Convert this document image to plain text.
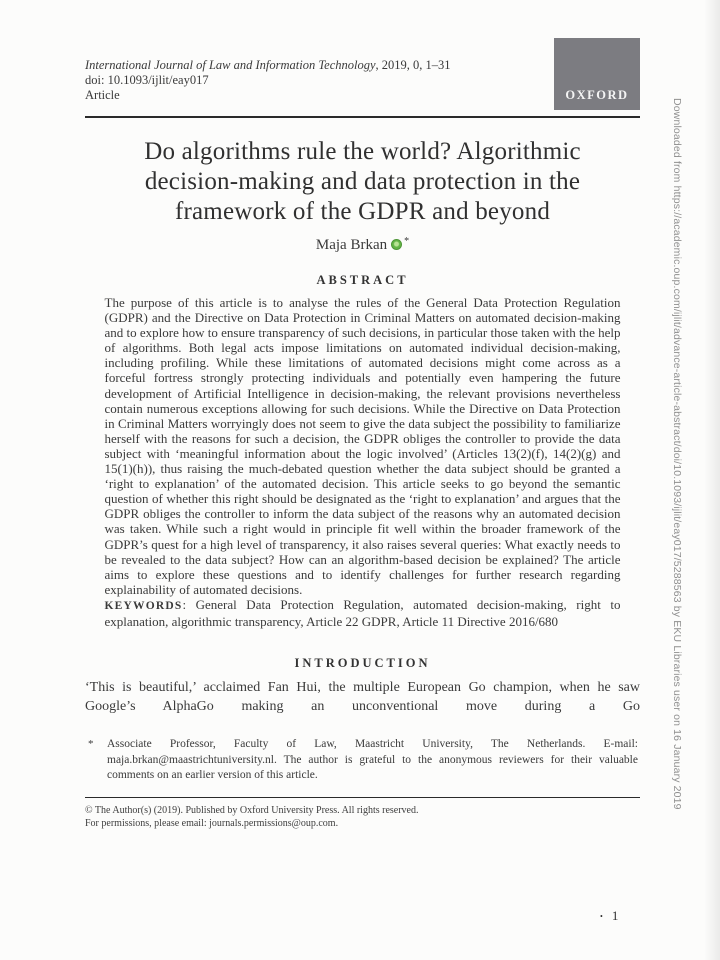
International Journal of Law and Information Technology, 2019, 0, 1–31
doi: 10.1093/ijlit/eay017
Article	OXFORD
Do algorithms rule the world? Algorithmic decision-making and data protection in the framework of the GDPR and beyond
Maja Brkan *
ABSTRACT

The purpose of this article is to analyse the rules of the General Data Protection Regulation (GDPR) and the Directive on Data Protection in Criminal Matters on automated decision-making and to explore how to ensure transparency of such decisions, in particular those taken with the help of algorithms. Both legal acts impose limitations on automated individual decision-making, including profiling. While these limitations of automated decisions might come across as a forceful fortress strongly protecting individuals and potentially even hampering the future development of Artificial Intelligence in decision-making, the relevant provisions nevertheless contain numerous exceptions allowing for such decisions. While the Directive on Data Protection in Criminal Matters worryingly does not seem to give the data subject the possibility to familiarize herself with the reasons for such a decision, the GDPR obliges the controller to provide the data subject with ‘meaningful information about the logic involved’ (Articles 13(2)(f), 14(2)(g) and 15(1)(h)), thus raising the much-debated question whether the data subject should be granted a ‘right to explanation’ of the automated decision. This article seeks to go beyond the semantic question of whether this right should be designated as the ‘right to explanation’ and argues that the GDPR obliges the controller to inform the data subject of the reasons why an automated decision was taken. While such a right would in principle fit well within the broader framework of the GDPR’s quest for a high level of transparency, it also raises several queries: What exactly needs to be revealed to the data subject? How can an algorithm-based decision be explained? The article aims to explore these questions and to identify challenges for further research regarding explainability of automated decisions.

KEYWORDS: General Data Protection Regulation, automated decision-making, right to explanation, algorithmic transparency, Article 22 GDPR, Article 11 Directive 2016/680

INTRODUCTION

‘This is beautiful,’ acclaimed Fan Hui, the multiple European Go champion, when he saw Google’s AlphaGo making an unconventional move during a Go

*	Associate Professor, Faculty of Law, Maastricht University, The Netherlands. E-mail: maja.brkan@maastrichtuniversity.nl. The author is grateful to the anonymous reviewers for their valuable comments on an earlier version of this article.
© The Author(s) (2019). Published by Oxford University Press. All rights reserved.
For permissions, please email: journals.permissions@oup.com.
• 1
Downloaded from https://academic.oup.com/ijlit/advance-article-abstract/doi/10.1093/ijlit/eay017/5288563 by EKU Libraries user on 16 January 2019
